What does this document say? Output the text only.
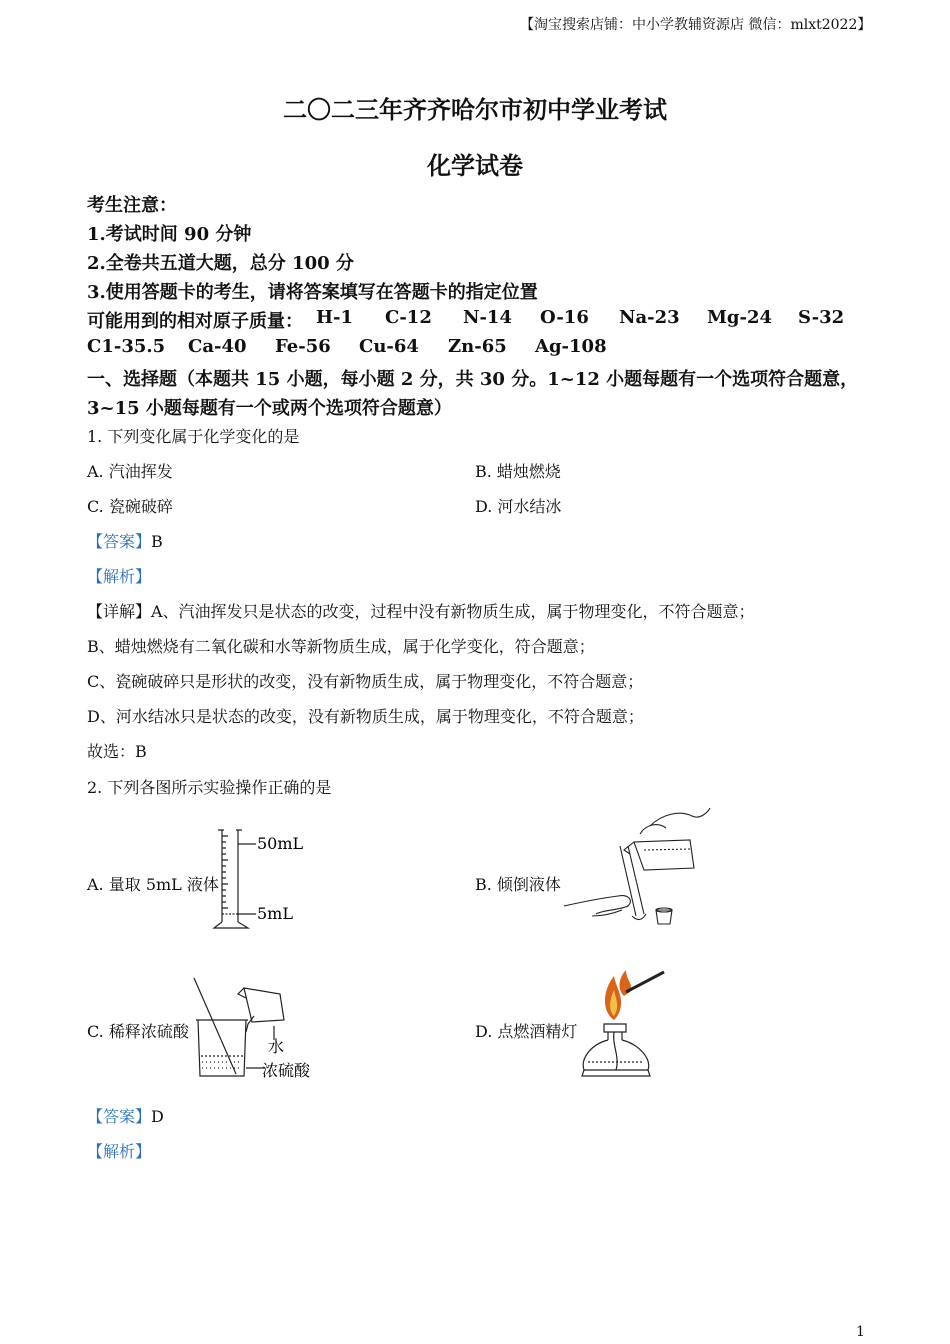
【淘宝搜索店铺：中小学教辅资源店 微信：mlxt2022】
二〇二三年齐齐哈尔市初中学业考试
化学试卷
考生注意：
1.考试时间 90 分钟
2.全卷共五道大题，总分 100 分
3.使用答题卡的考生，请将答案填写在答题卡的指定位置
可能用到的相对原子质量： H-1 C-12 N-14 O-16 Na-23 Mg-24 S-32
C1-35.5 Ca-40 Fe-56 Cu-64 Zn-65 Ag-108
一、选择题（本题共 15 小题，每小题 2 分，共 30 分。1~12 小题每题有一个选项符合题意，
3~15 小题每题有一个或两个选项符合题意）
1. 下列变化属于化学变化的是
A. 汽油挥发	B. 蜡烛燃烧
C. 瓷碗破碎	D. 河水结冰
【答案】B
【解析】
【详解】A、汽油挥发只是状态的改变，过程中没有新物质生成，属于物理变化，不符合题意；
B、蜡烛燃烧有二氧化碳和水等新物质生成，属于化学变化，符合题意；
C、瓷碗破碎只是形状的改变，没有新物质生成，属于物理变化，不符合题意；
D、河水结冰只是状态的改变，没有新物质生成，属于物理变化，不符合题意；
故选：B
2. 下列各图所示实验操作正确的是
A. 量取 5mL 液体	B. 倾倒液体
C. 稀释浓硫酸	D. 点燃酒精灯
50mL
5mL
水
浓硫酸
【答案】D
【解析】
1
